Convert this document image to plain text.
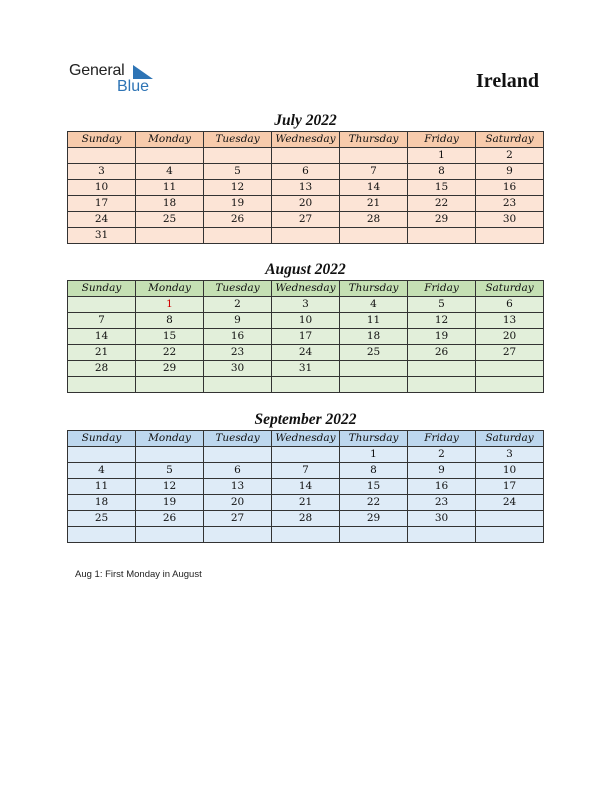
General
Blue	Ireland
July 2022
Sunday	Monday	Tuesday	Wednesday	Thursday	Friday	Saturday
					1	2
3	4	5	6	7	8	9
10	11	12	13	14	15	16
17	18	19	20	21	22	23
24	25	26	27	28	29	30
31						
August 2022
Sunday	Monday	Tuesday	Wednesday	Thursday	Friday	Saturday
	1	2	3	4	5	6
7	8	9	10	11	12	13
14	15	16	17	18	19	20
21	22	23	24	25	26	27
28	29	30	31			

September 2022
Sunday	Monday	Tuesday	Wednesday	Thursday	Friday	Saturday
				1	2	3
4	5	6	7	8	9	10
11	12	13	14	15	16	17
18	19	20	21	22	23	24
25	26	27	28	29	30	

Aug 1: First Monday in August
